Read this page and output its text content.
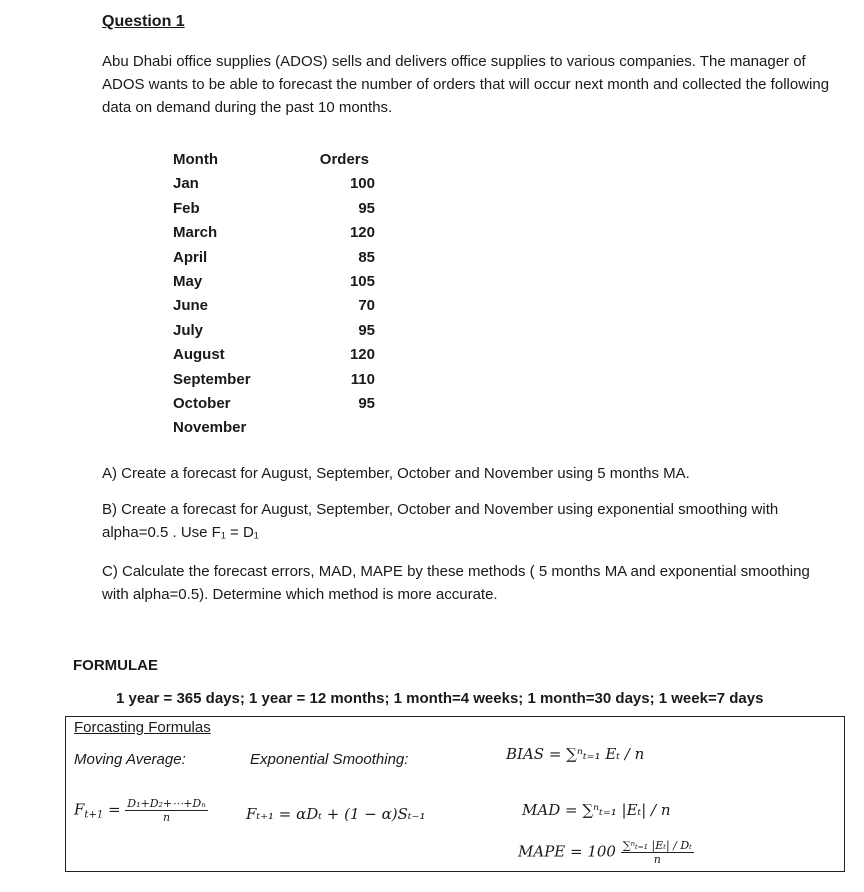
Question 1
Abu Dhabi office supplies (ADOS) sells and delivers office supplies to various companies. The manager of ADOS wants to be able to forecast the number of orders that will occur next month and collected the following data on demand during the past 10 months.
Month	Orders
Jan	100
Feb	95
March	120
April	85
May	105
June	70
July	95
August	120
September	110
October	95
November
A) Create a forecast for August, September, October and November using 5 months MA.
B) Create a forecast for August, September, October and November using exponential smoothing with alpha=0.5 . Use F₁ = D₁
C) Calculate the forecast errors, MAD, MAPE by these methods ( 5 months MA and exponential smoothing with alpha=0.5). Determine which method is more accurate.
FORMULAE
1 year = 365 days; 1 year = 12 months; 1 month=4 weeks; 1 month=30 days; 1 week=7 days
Forcasting Formulas
Moving Average:	Exponential Smoothing:	BIAS = ∑ⁿₜ₌₁ Eₜ / n
$F_{t+1} = \frac{\text{D₁+D₂+⋯+Dₙ}}{n}$	Fₜ₊₁ = αDₜ + (1 − α)Sₜ₋₁	MAD = ∑ⁿₜ₌₁ |Eₜ| / n
MAPE = $100 \frac{\text{∑ⁿₜ₌₁ |Eₜ| / Dₜ}}{n}$
